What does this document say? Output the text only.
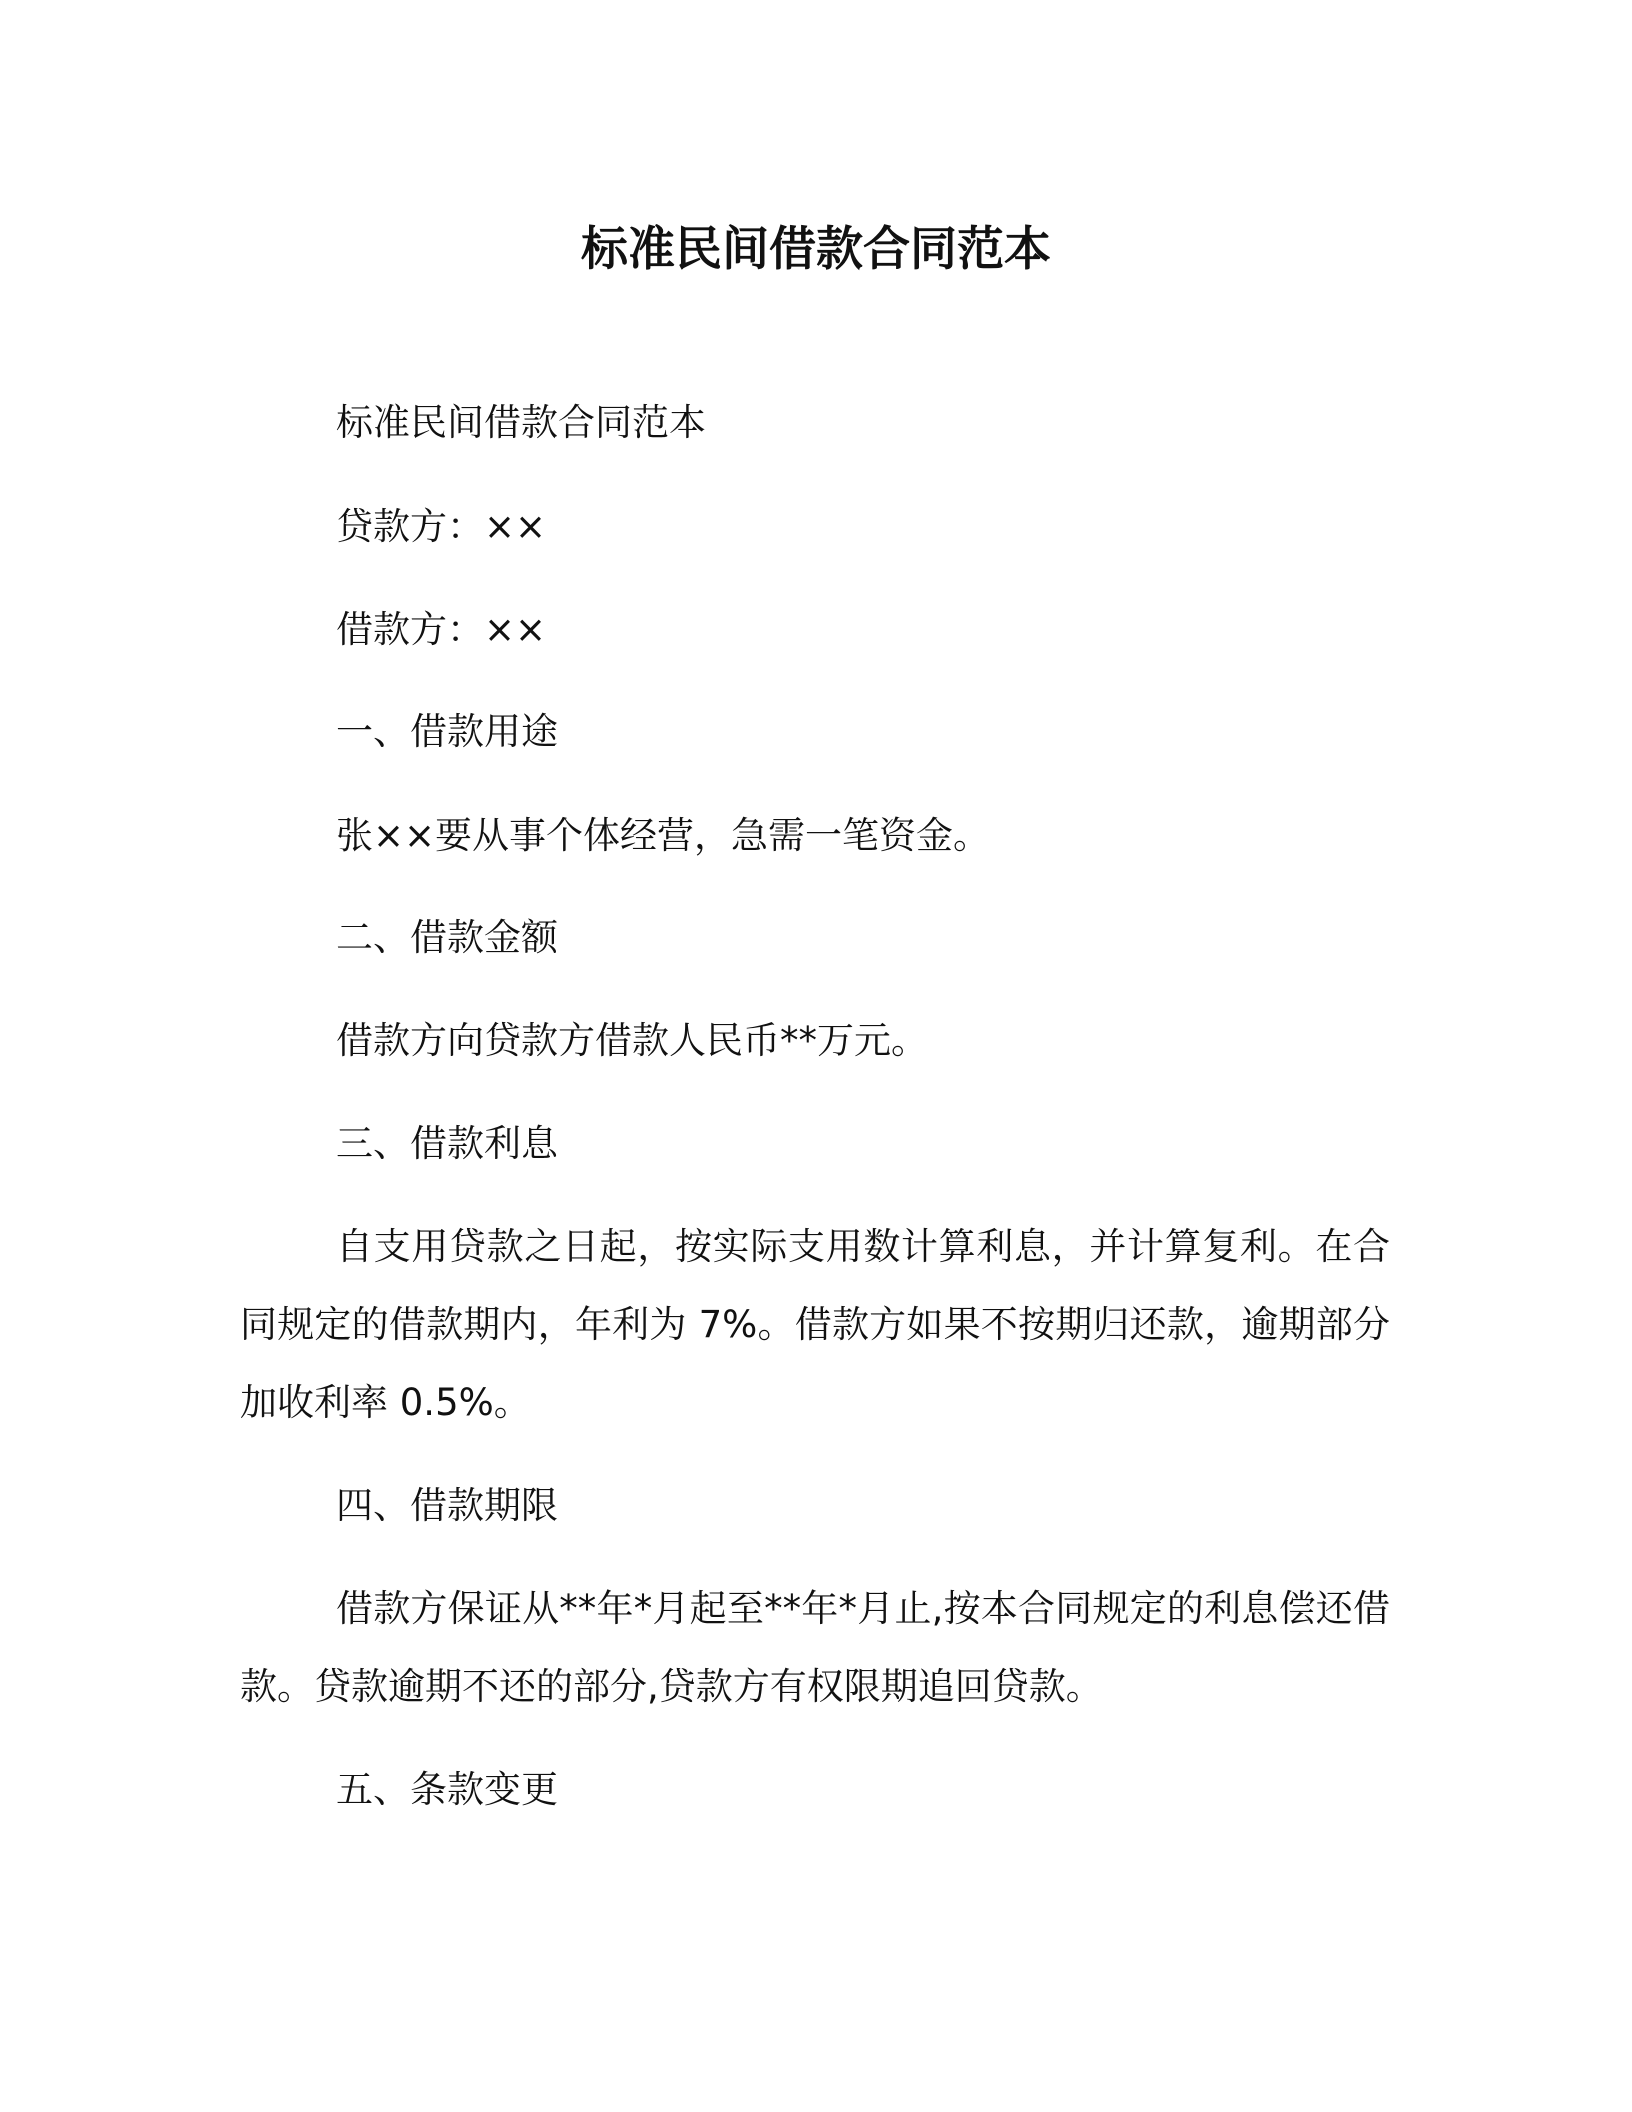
标准民间借款合同范本
标准民间借款合同范本
贷款方：××
借款方：××
一、借款用途
张××要从事个体经营，急需一笔资金。
二、借款金额
借款方向贷款方借款人民币**万元。
三、借款利息
自支用贷款之日起，按实际支用数计算利息，并计算复利。在合同规定的借款期内，年利为 7%。借款方如果不按期归还款，逾期部分加收利率 0.5%。
四、借款期限
借款方保证从**年*月起至**年*月止,按本合同规定的利息偿还借款。贷款逾期不还的部分,贷款方有权限期追回贷款。
五、条款变更
